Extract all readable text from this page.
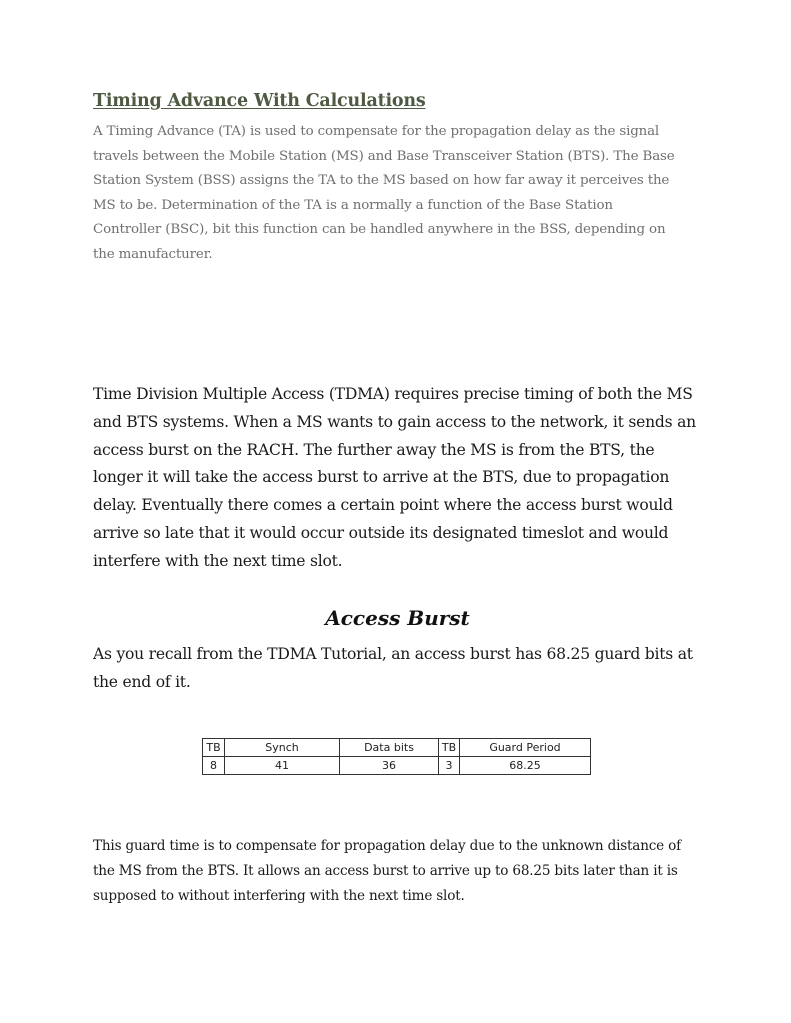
Timing Advance With Calculations

A Timing Advance (TA) is used to compensate for the propagation delay as the signal
travels between the Mobile Station (MS) and Base Transceiver Station (BTS). The Base
Station System (BSS) assigns the TA to the MS based on how far away it perceives the
MS to be. Determination of the TA is a normally a function of the Base Station
Controller (BSC), bit this function can be handled anywhere in the BSS, depending on
the manufacturer.

Time Division Multiple Access (TDMA) requires precise timing of both the MS
and BTS systems. When a MS wants to gain access to the network, it sends an
access burst on the RACH. The further away the MS is from the BTS, the
longer it will take the access burst to arrive at the BTS, due to propagation
delay. Eventually there comes a certain point where the access burst would
arrive so late that it would occur outside its designated timeslot and would
interfere with the next time slot.

Access Burst

As you recall from the TDMA Tutorial, an access burst has 68.25 guard bits at
the end of it.

TB	Synch	Data bits	TB	Guard Period
8	41	36	3	68.25

This guard time is to compensate for propagation delay due to the unknown distance of
the MS from the BTS. It allows an access burst to arrive up to 68.25 bits later than it is
supposed to without interfering with the next time slot.
